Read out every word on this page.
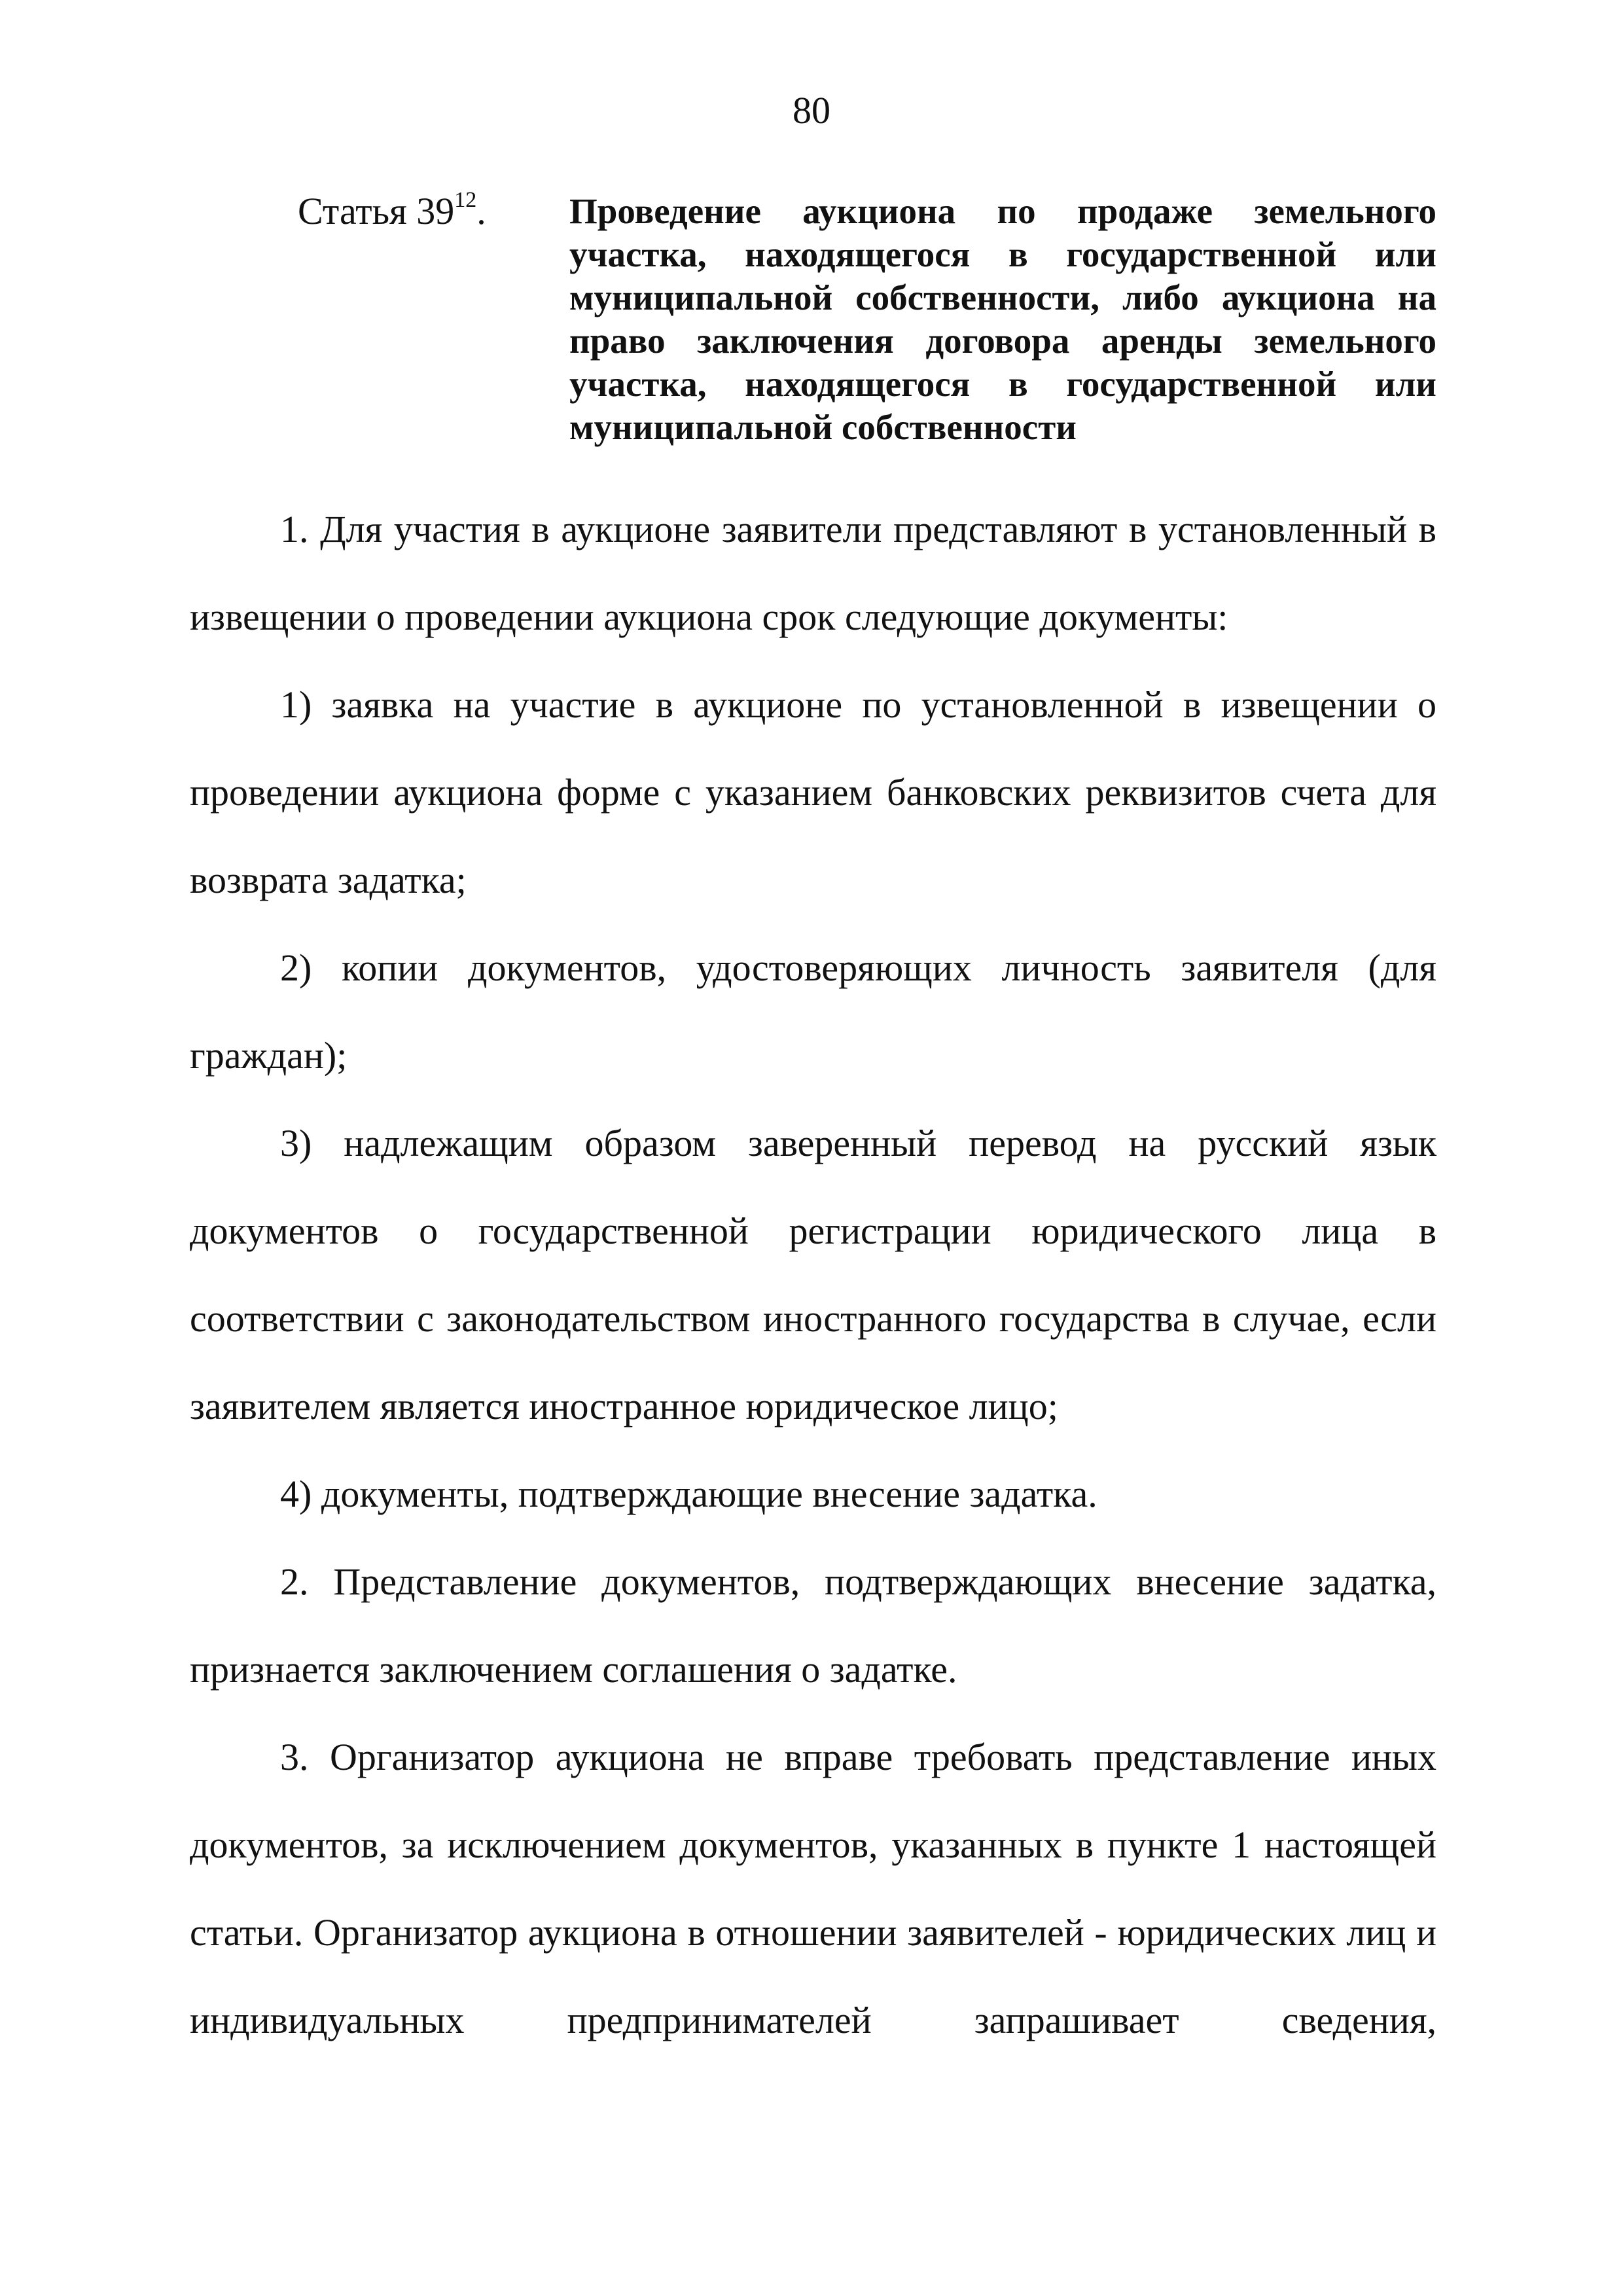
80
Статья $39^{12}$. Проведение аукциона по продаже земельного участка, находящегося в государственной или муниципальной собственности, либо аукциона на право заключения договора аренды земельного участка, находящегося в государственной или муниципальной собственности

1. Для участия в аукционе заявители представляют в установленный в извещении о проведении аукциона срок следующие документы:

1) заявка на участие в аукционе по установленной в извещении о проведении аукциона форме с указанием банковских реквизитов счета для возврата задатка;

2) копии документов, удостоверяющих личность заявителя (для граждан);

3) надлежащим образом заверенный перевод на русский язык документов о государственной регистрации юридического лица в соответствии с законодательством иностранного государства в случае, если заявителем является иностранное юридическое лицо;

4) документы, подтверждающие внесение задатка.

2. Представление документов, подтверждающих внесение задатка, признается заключением соглашения о задатке.

3. Организатор аукциона не вправе требовать представление иных документов, за исключением документов, указанных в пункте 1 настоящей статьи. Организатор аукциона в отношении заявителей - юридических лиц и индивидуальных предпринимателей запрашивает сведения,
